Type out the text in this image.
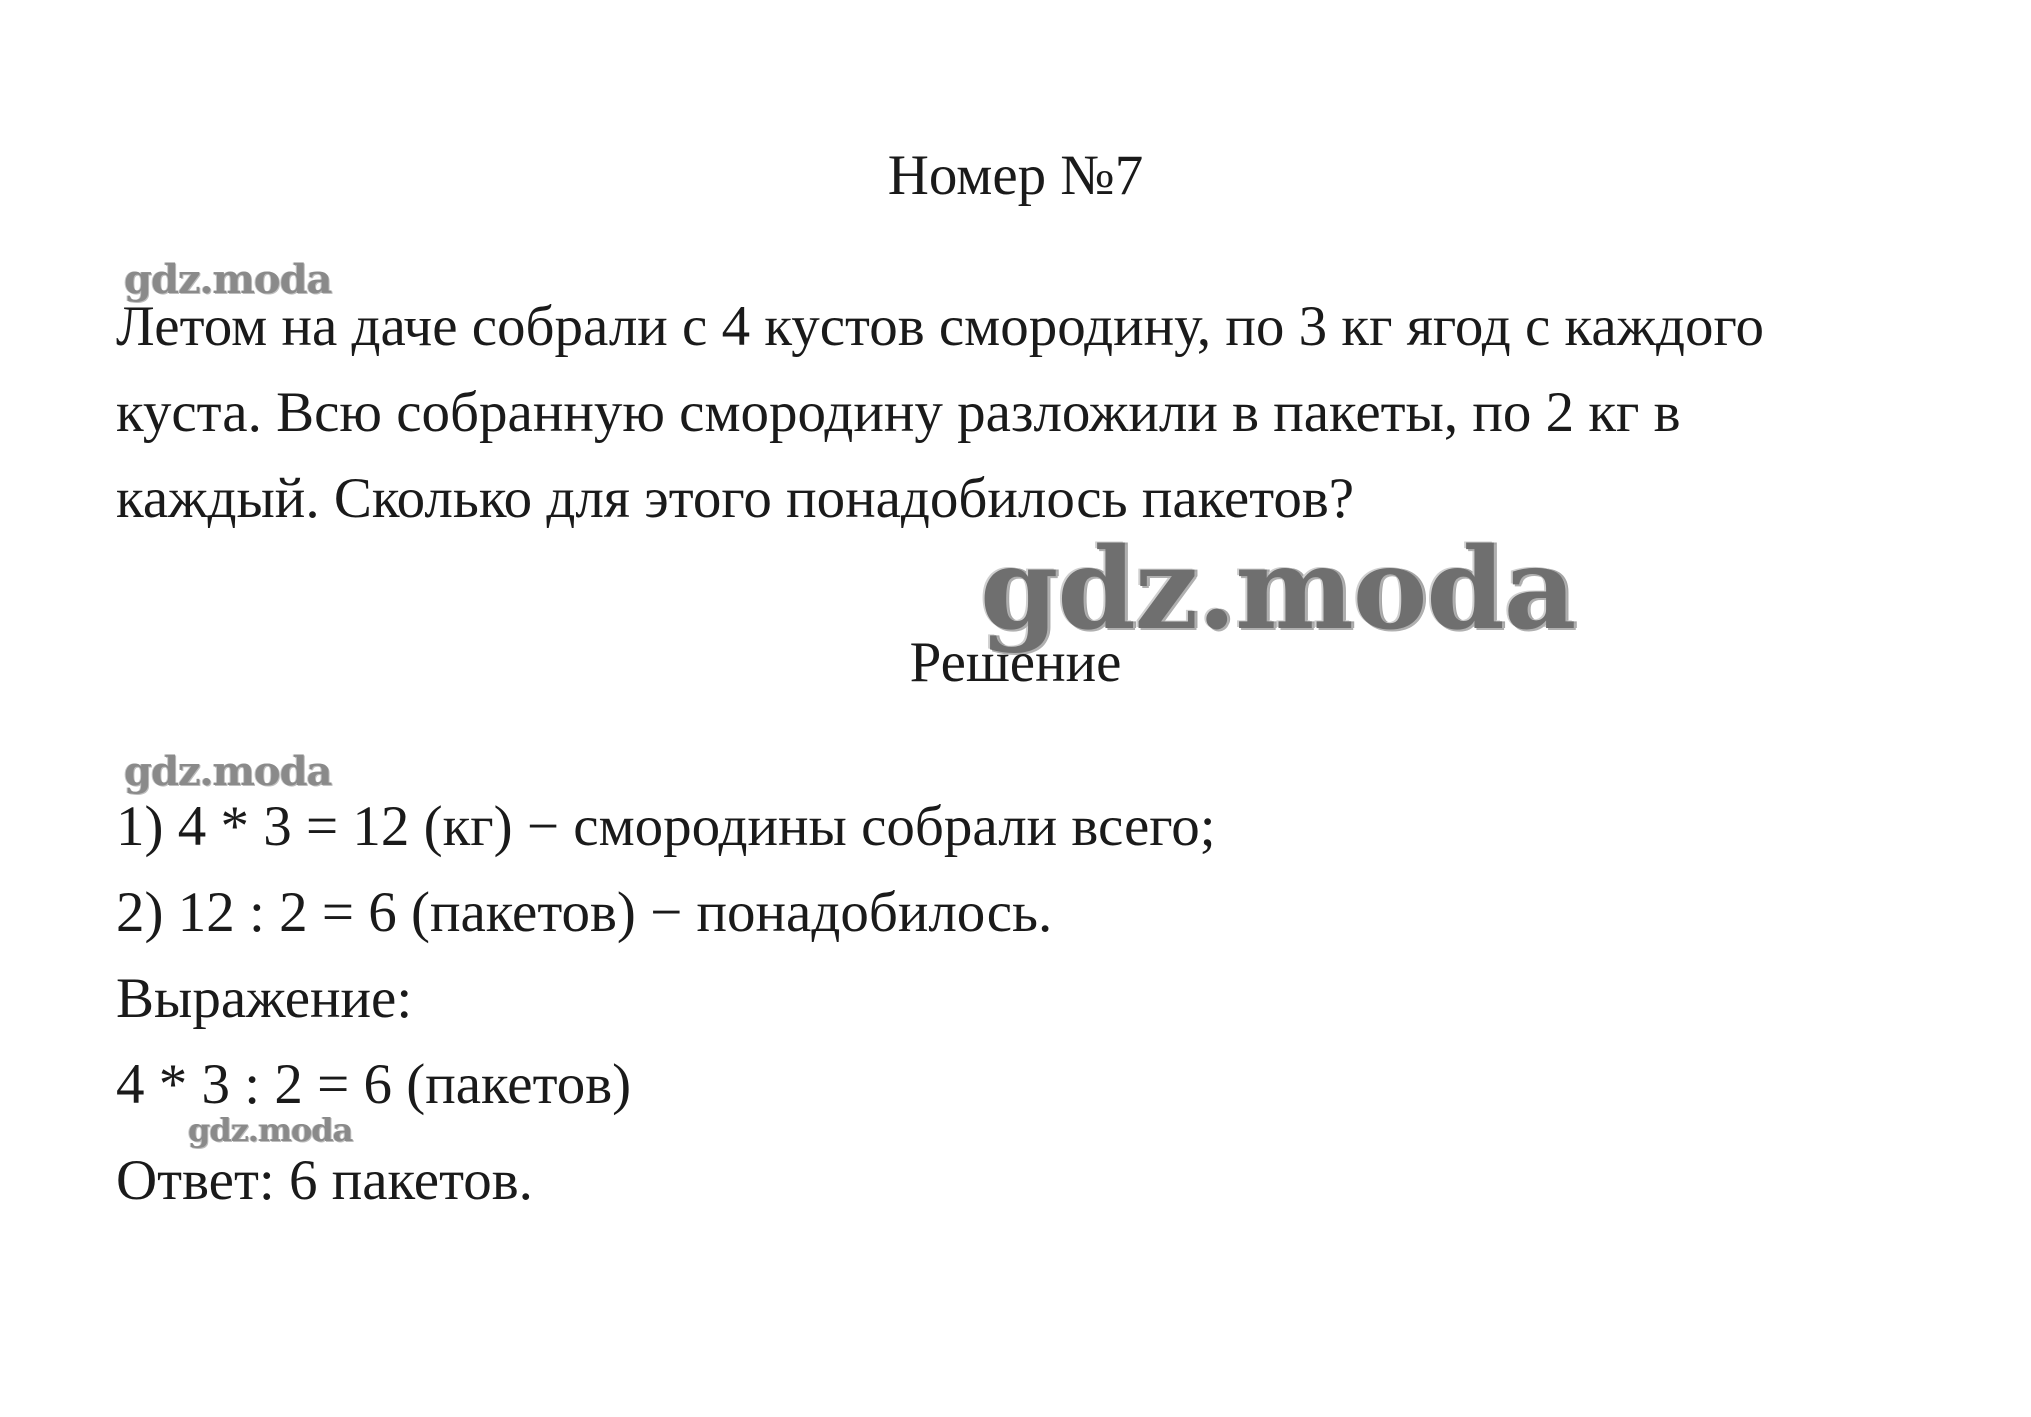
Номер №7
gdz.moda
Летом на даче собрали с 4 кустов смородину, по 3 кг ягод с каждого
куста. Всю собранную смородину разложили в пакеты, по 2 кг в
каждый. Сколько для этого понадобилось пакетов?
gdz.moda
Решение
gdz.moda
1) 4 * 3 = 12 (кг) − смородины собрали всего;
2) 12 : 2 = 6 (пакетов) − понадобилось.
Выражение:
4 * 3 : 2 = 6 (пакетов)
gdz.moda
Ответ: 6 пакетов.
